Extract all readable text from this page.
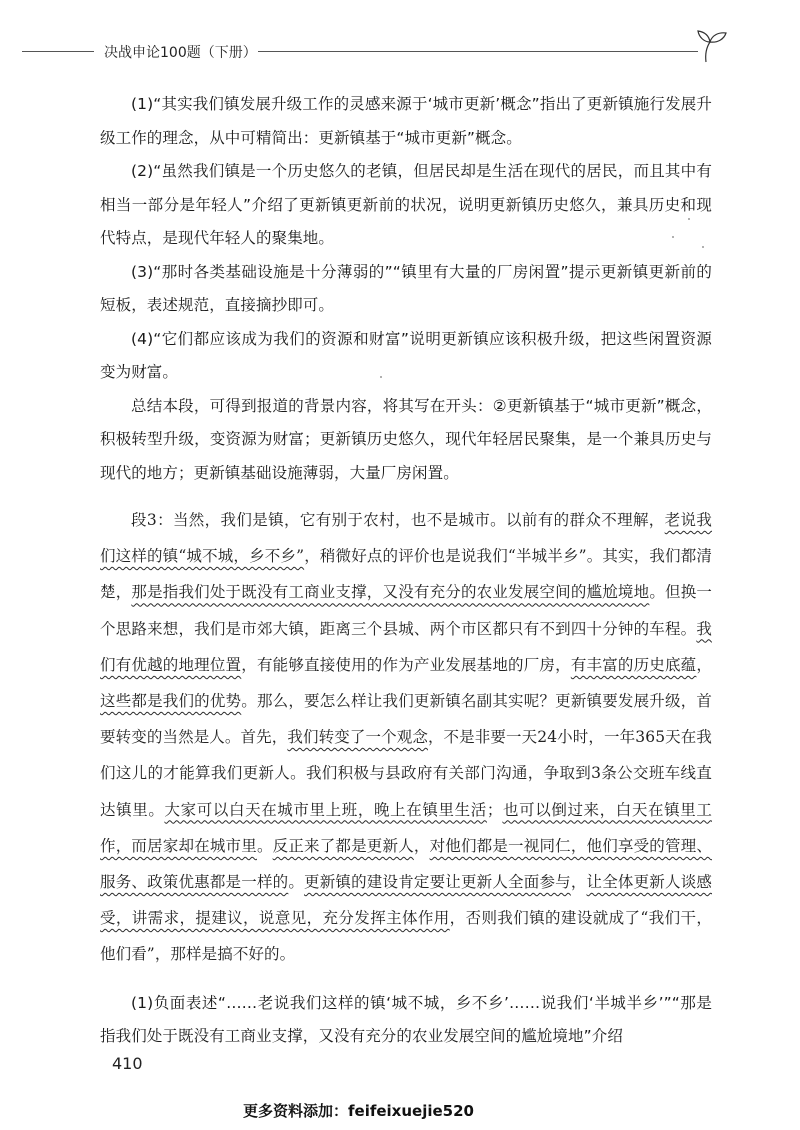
决战申论100题（下册）

(1)“其实我们镇发展升级工作的灵感来源于‘城市更新’概念”指出了更新镇施行发展升级工作的理念，从中可精简出：更新镇基于“城市更新”概念。

(2)“虽然我们镇是一个历史悠久的老镇，但居民却是生活在现代的居民，而且其中有相当一部分是年轻人”介绍了更新镇更新前的状况，说明更新镇历史悠久，兼具历史和现代特点，是现代年轻人的聚集地。

(3)“那时各类基础设施是十分薄弱的”“镇里有大量的厂房闲置”提示更新镇更新前的短板，表述规范，直接摘抄即可。

(4)“它们都应该成为我们的资源和财富”说明更新镇应该积极升级，把这些闲置资源变为财富。

总结本段，可得到报道的背景内容，将其写在开头：②更新镇基于“城市更新”概念，积极转型升级，变资源为财富；更新镇历史悠久，现代年轻居民聚集，是一个兼具历史与现代的地方；更新镇基础设施薄弱，大量厂房闲置。

段3：当然，我们是镇，它有别于农村，也不是城市。以前有的群众不理解，老说我们这样的镇“城不城，乡不乡”，稍微好点的评价也是说我们“半城半乡”。其实，我们都清楚，那是指我们处于既没有工商业支撑，又没有充分的农业发展空间的尴尬境地。但换一个思路来想，我们是市郊大镇，距离三个县城、两个市区都只有不到四十分钟的车程。我们有优越的地理位置，有能够直接使用的作为产业发展基地的厂房，有丰富的历史底蕴，这些都是我们的优势。那么，要怎么样让我们更新镇名副其实呢？更新镇要发展升级，首要转变的当然是人。首先，我们转变了一个观念，不是非要一天24小时，一年365天在我们这儿的才能算我们更新人。我们积极与县政府有关部门沟通，争取到3条公交班车线直达镇里。大家可以白天在城市里上班，晚上在镇里生活；也可以倒过来，白天在镇里工作，而居家却在城市里。反正来了都是更新人，对他们都是一视同仁，他们享受的管理、服务、政策优惠都是一样的。更新镇的建设肯定要让更新人全面参与，让全体更新人谈感受，讲需求，提建议，说意见，充分发挥主体作用，否则我们镇的建设就成了“我们干，他们看”，那样是搞不好的。

(1)负面表述“……老说我们这样的镇‘城不城，乡不乡’……说我们‘半城半乡’”“那是指我们处于既没有工商业支撑，又没有充分的农业发展空间的尴尬境地”介绍

410
更多资料添加：feifeixuejie520
